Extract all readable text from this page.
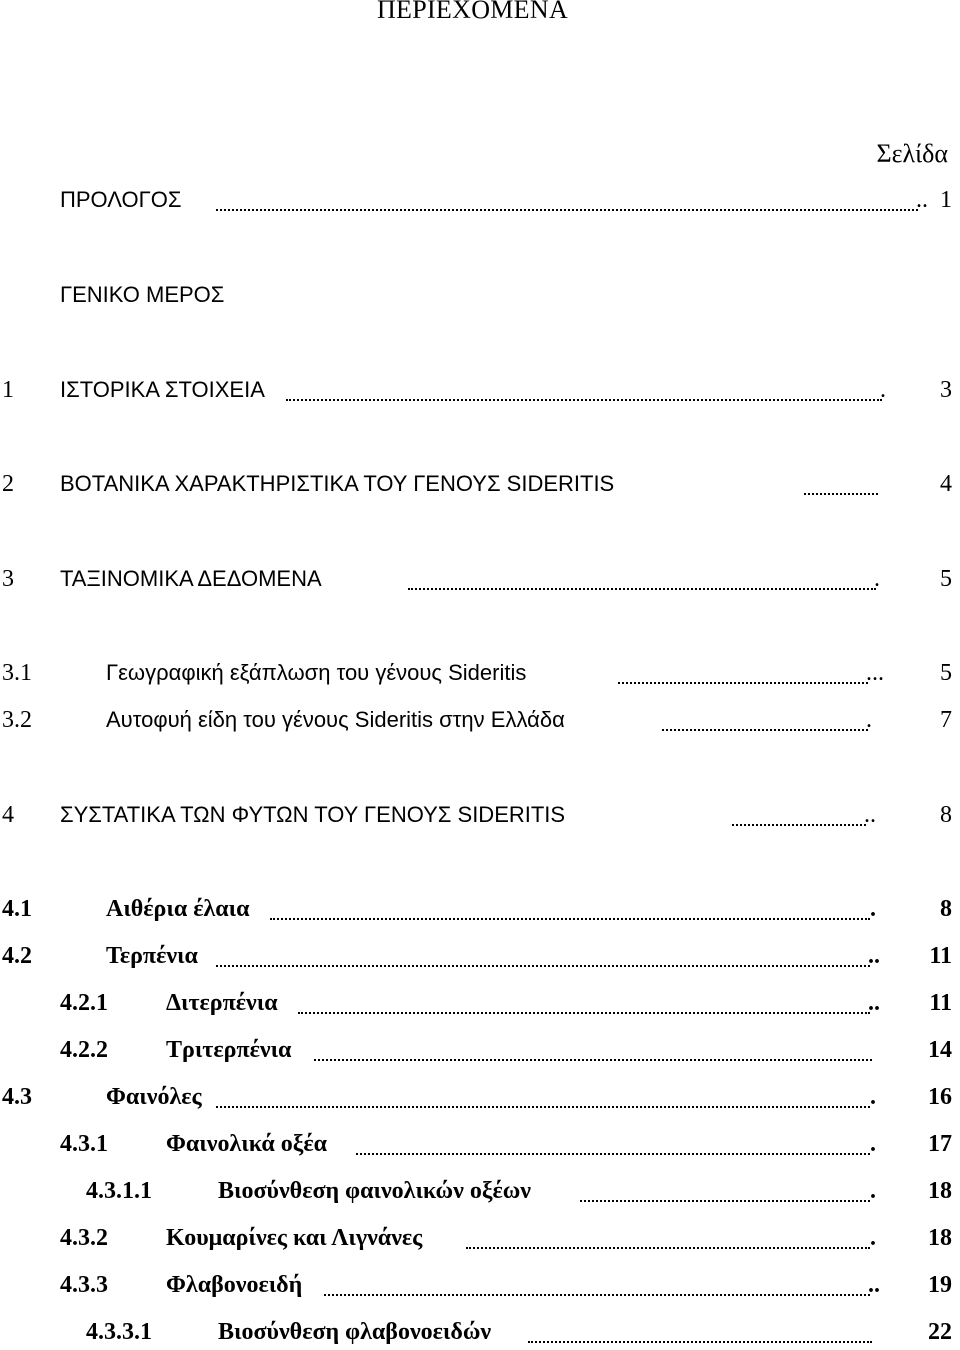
ΠΕΡΙΕΧΟΜΕΝΑ
Σελίδα
ΠΡΟΛΟΓΟΣ	.. 1
ΓΕΝΙΚΟ ΜΕΡΟΣ
1 ΙΣΤΟΡΙΚΑ ΣΤΟΙΧΕΙΑ	. 3
2 ΒΟΤΑΝΙΚΑ ΧΑΡΑΚΤΗΡΙΣΤΙΚΑ ΤΟΥ ΓΕΝΟΥΣ SIDERITIS	4
3 ΤΑΞΙΝΟΜΙΚΑ ΔΕΔΟΜΕΝΑ	.	5
3.1	Γεωγραφική εξάπλωση του γένους Sideritis	... 5
3.2	Αυτοφυή είδη του γένους Sideritis στην Ελλάδα	.	7
4 ΣΥΣΤΑΤΙΚΑ ΤΩΝ ΦΥΤΩΝ ΤΟΥ ΓΕΝΟΥΣ SIDERITIS	..	8
4.1	Αιθέρια έλαια	.	8
4.2	Τερπένια	.. 11
4.2.1 Διτερπένια	.. 11
4.2.2 Τριτερπένια	14
4.3	Φαινόλες	. 16
4.3.1 Φαινολικά οξέα	. 17
4.3.1.1	Βιοσύνθεση φαινολικών οξέων	. 18
4.3.2 Κουμαρίνες και Λιγνάνες	. 18
4.3.3 Φλαβονοειδή	.. 19
4.3.3.1	Βιοσύνθεση φλαβονοειδών	22
